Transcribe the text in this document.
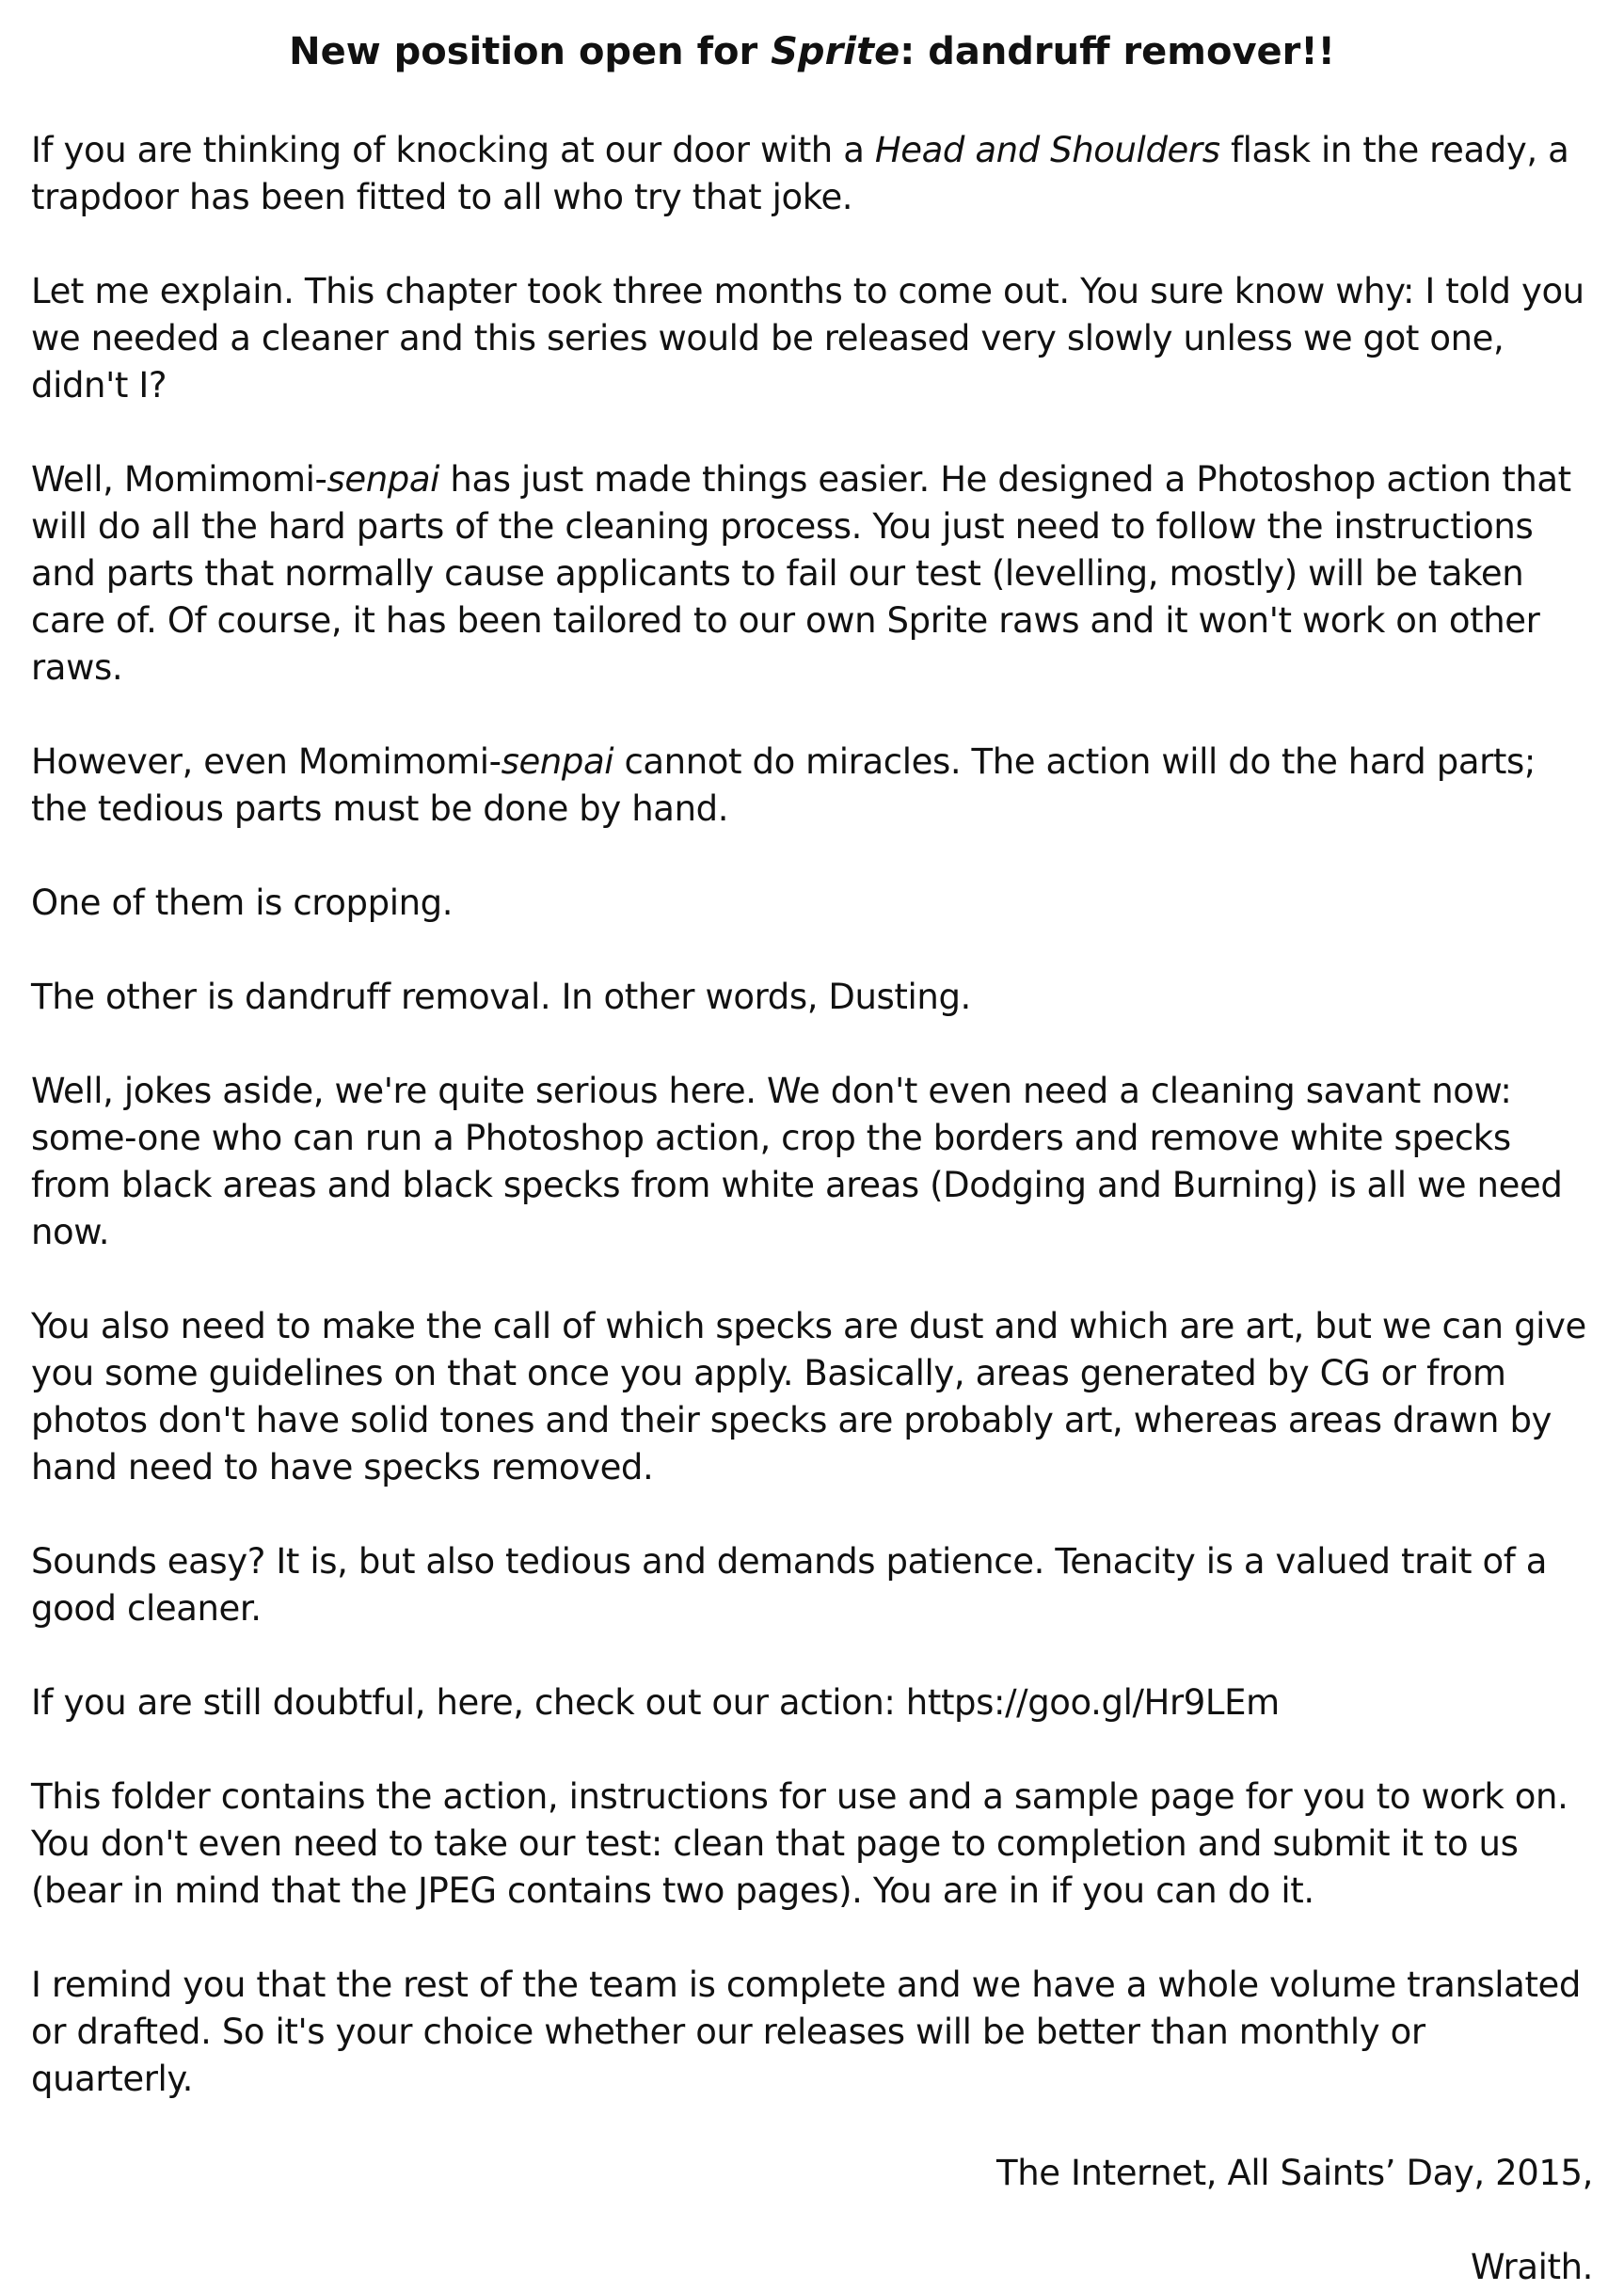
New position open for Sprite: dandruff remover!!

If you are thinking of knocking at our door with a Head and Shoulders flask in the ready, a trapdoor has been fitted to all who try that joke.

Let me explain. This chapter took three months to come out. You sure know why: I told you we needed a cleaner and this series would be released very slowly unless we got one, didn't I?

Well, Momimomi-senpai has just made things easier. He designed a Photoshop action that will do all the hard parts of the cleaning process. You just need to follow the instructions and parts that normally cause applicants to fail our test (levelling, mostly) will be taken care of. Of course, it has been tailored to our own Sprite raws and it won't work on other raws.

However, even Momimomi-senpai cannot do miracles. The action will do the hard parts; the tedious parts must be done by hand.

One of them is cropping.

The other is dandruff removal. In other words, Dusting.

Well, jokes aside, we're quite serious here. We don't even need a cleaning savant now: some-one who can run a Photoshop action, crop the borders and remove white specks from black areas and black specks from white areas (Dodging and Burning) is all we need now.

You also need to make the call of which specks are dust and which are art, but we can give you some guidelines on that once you apply. Basically, areas generated by CG or from photos don't have solid tones and their specks are probably art, whereas areas drawn by hand need to have specks removed.

Sounds easy? It is, but also tedious and demands patience. Tenacity is a valued trait of a good cleaner.

If you are still doubtful, here, check out our action: https://goo.gl/Hr9LEm

This folder contains the action, instructions for use and a sample page for you to work on. You don't even need to take our test: clean that page to completion and submit it to us (bear in mind that the JPEG contains two pages). You are in if you can do it.

I remind you that the rest of the team is complete and we have a whole volume translated or drafted. So it's your choice whether our releases will be better than monthly or quarterly.

The Internet, All Saints’ Day, 2015,

Wraith.
